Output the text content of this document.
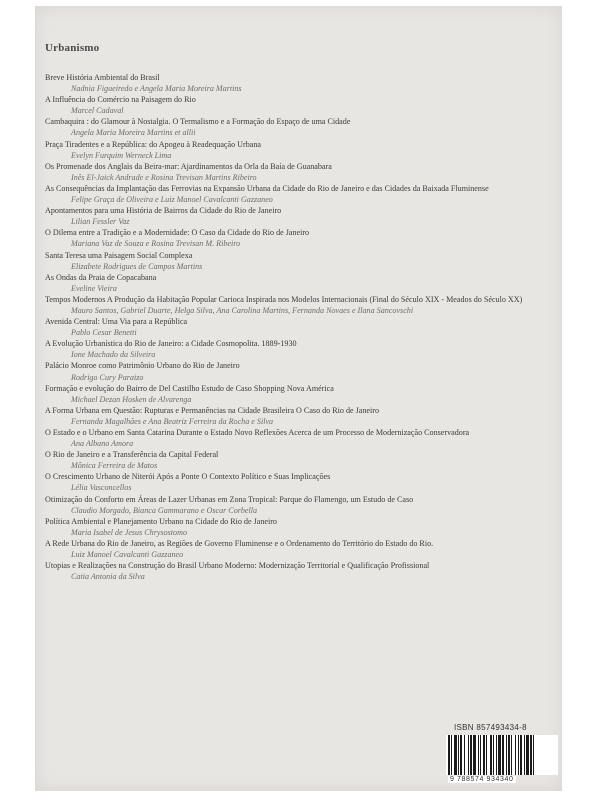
Urbanismo
Breve História Ambiental do Brasil
Nadnia Figueiredo e Angela Maria Moreira Martins
A Influência do Comércio na Paisagem do Rio
Marcel Cadaval
Cambaquira : do Glamour à Nostalgia. O Termalismo e a Formação do Espaço de uma Cidade
Angela Maria Moreira Martins et allii
Praça Tiradentes e a República: do Apogeu à Readequação Urbana
Evelyn Furquim Werneck Lima
Os Promenade dos Anglais da Beira-mar: Ajardinamentos da Orla da Baía de Guanabara
Inês El-Jaick Andrade e Rosina Trevisan Martins Ribeiro
As Consequências da Implantação das Ferrovias na Expansão Urbana da Cidade do Rio de Janeiro e das Cidades da Baixada Fluminense
Felipe Graça de Oliveira e Luiz Manoel Cavalcanti Gazzaneo
Apontamentos para uma História de Bairros da Cidade do Rio de Janeiro
Lilian Fessler Vaz
O Dilema entre a Tradição e a Modernidade: O Caso da Cidade do Rio de Janeiro
Mariana Vaz de Souza e Rosina Trevisan M. Ribeiro
Santa Teresa uma Paisagem Social Complexa
Elizabete Rodrigues de Campos Martins
As Ondas da Praia de Copacabana
Eveline Vieira
Tempos Modernos A Produção da Habitação Popular Carioca Inspirada nos Modelos Internacionais (Final do Século XIX - Meados do Século XX)
Mauro Santos, Gabriel Duarte, Helga Silva, Ana Carolina Martins, Fernanda Novaes e Ilana Sancovschi
Avenida Central: Uma Via para a República
Pablo Cesar Benetti
A Evolução Urbanística do Rio de Janeiro: a Cidade Cosmopolita. 1889-1930
Ione Machado da Silveira
Palácio Monroe como Patrimônio Urbano do Rio de Janeiro
Rodrigo Cury Paraizo
Formação e evolução do Bairro de Del Castilho Estudo de Caso Shopping Nova América
Michael Dezan Hosken de Alvarenga
A Forma Urbana em Questão: Rupturas e Permanências na Cidade Brasileira O Caso do Rio de Janeiro
Fernanda Magalhães e Ana Beatriz Ferreira da Rocha e Silva
O Estado e o Urbano em Santa Catarina Durante o Estado Novo Reflexões Acerca de um Processo de Modernização Conservadora
Ana Albano Amora
O Rio de Janeiro e a Transferência da Capital Federal
Mônica Ferreira de Matos
O Crescimento Urbano de Niterói Após a Ponte O Contexto Político e Suas Implicações
Lélia Vasconcellos
Otimização do Conforto em Áreas de Lazer Urbanas em Zona Tropical: Parque do Flamengo, um Estudo de Caso
Claudio Morgado, Bianca Gammarano e Oscar Corbella
Política Ambiental e Planejamento Urbano na Cidade do Rio de Janeiro
Maria Isabel de Jesus Chrysostomo
A Rede Urbana do Rio de Janeiro, as Regiões de Governo Fluminense e o Ordenamento do Território do Estado do Rio.
Luiz Manoel Cavalcanti Gazzaneo
Utopias e Realizações na Construção do Brasil Urbano Moderno: Modernização Territorial e Qualificação Profissional
Catia Antonia da Silva
ISBN 857493434-8
9 788574 934340
